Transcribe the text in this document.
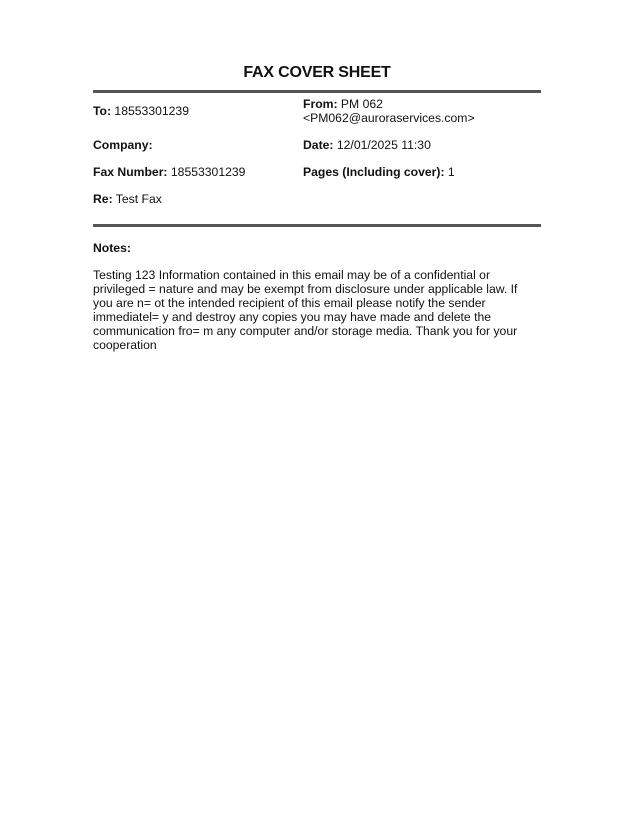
FAX COVER SHEET
To: 18553301239	From: PM 062
<PM062@auroraservices.com>
Company:	Date: 12/01/2025 11:30
Fax Number: 18553301239	Pages (Including cover): 1
Re: Test Fax
Notes:
Testing 123 Information contained in this email may be of a confidential or
privileged = nature and may be exempt from disclosure under applicable law. If
you are n= ot the intended recipient of this email please notify the sender
immediatel= y and destroy any copies you may have made and delete the
communication fro= m any computer and/or storage media. Thank you for your
cooperation
